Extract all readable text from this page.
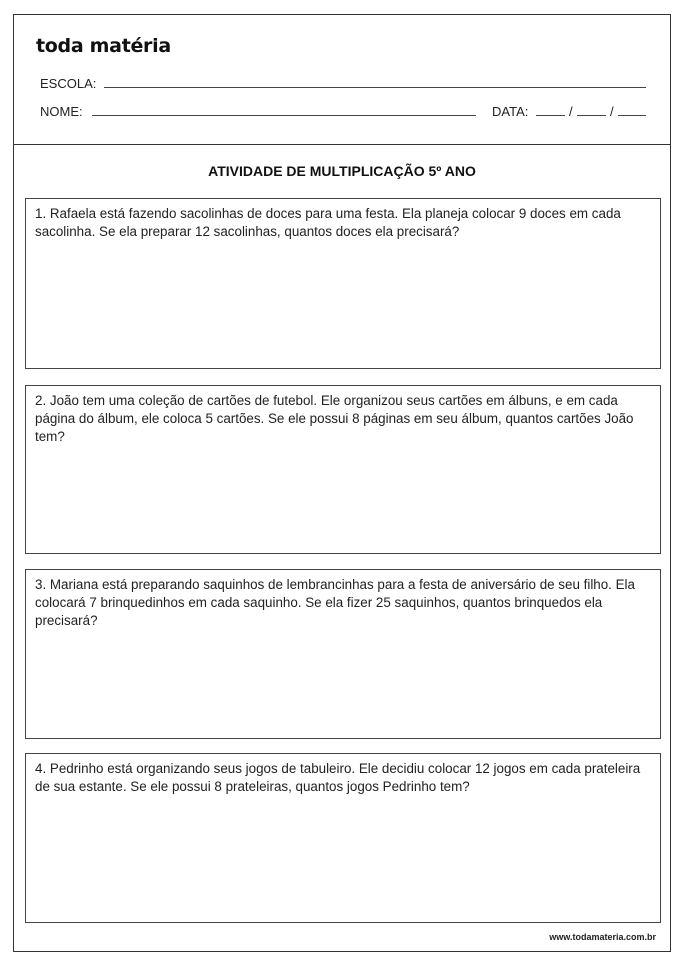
toda matéria
ESCOLA:
NOME:	DATA:	/	/
ATIVIDADE DE MULTIPLICAÇÃO 5º ANO
1. Rafaela está fazendo sacolinhas de doces para uma festa. Ela planeja colocar 9 doces em cada sacolinha. Se ela preparar 12 sacolinhas, quantos doces ela precisará?
2. João tem uma coleção de cartões de futebol. Ele organizou seus cartões em álbuns, e em cada página do álbum, ele coloca 5 cartões. Se ele possui 8 páginas em seu álbum, quantos cartões João tem?
3. Mariana está preparando saquinhos de lembrancinhas para a festa de aniversário de seu filho. Ela colocará 7 brinquedinhos em cada saquinho. Se ela fizer 25 saquinhos, quantos brinquedos ela precisará?
4. Pedrinho está organizando seus jogos de tabuleiro. Ele decidiu colocar 12 jogos em cada prateleira de sua estante. Se ele possui 8 prateleiras, quantos jogos Pedrinho tem?
www.todamateria.com.br
